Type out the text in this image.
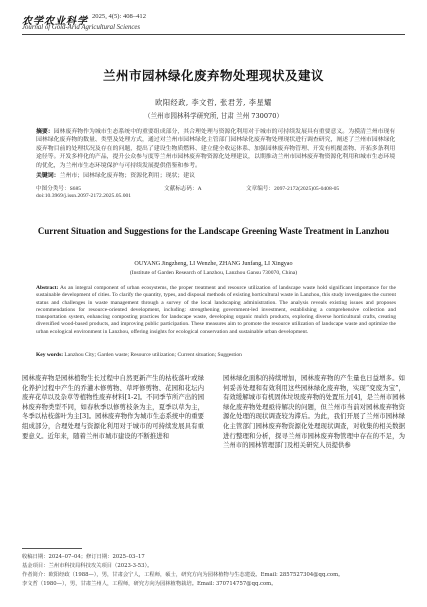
农学农业科学 2025, 4(5): 408–412
Journal of Gold-Arid Agricultural Sciences
兰州市园林绿化废弃物处理现状及建议
欧阳经政, 李文哲, 张君芳, 李星耀
（兰州市园林科学研究所, 甘肃 兰州 730070）
摘要：园林废弃物作为城市生态系统中的重要组成部分，其合理处理与资源化利用对于城市的可持续发展具有重要意义。为摸清兰州市现有园林绿化废弃物的数量、类型及处理方式，通过对兰州市园林绿化主管部门园林绿化废弃物处理现状进行调查研究，阐述了兰州市园林绿化废弃物目前的处理状况及存在的问题，提出了建设生物质燃料、建立健全收运体系、加强园林废弃物管理、开发有机覆盖物、开拓多条利用途径等。开发多样化的产品，提升公众参与度等兰州市园林废弃物资源化处理建议，以期推动兰州市园林废弃物资源化利用和城市生态环境的优化，为兰州市生态环境保护与可持续发展提供借鉴和参考。
关键词：兰州市；园林绿化废弃物；资源化利用；现状；建议
中图分类号：S685	文献标志码：A	文章编号：2097-2172(2025)05-0408-05
doi:10.3969/j.issn.2097-2172.2025.05.001
Current Situation and Suggestions for the Landscape Greening Waste Treatment in Lanzhou
OUYANG Jingzheng, LI Wenzhe, ZHANG Junfang, LI Xingyao
(Institute of Garden Research of Lanzhou, Lanzhou Gansu 730070, China)
Abstract: As an integral component of urban ecosystems, the proper treatment and resource utilization of landscape waste hold significant importance for the sustainable development of cities. To clarify the quantity, types, and disposal methods of existing horticultural waste in Lanzhou, this study investigates the current status and challenges in waste management through a survey of the local landscaping administration. The analysis reveals existing issues and proposes recommendations for resource-oriented development, including: strengthening government-led investment, establishing a comprehensive collection and transportation system, enhancing composting practices for landscape waste, developing organic mulch products, exploring diverse horticultural crafts, creating diversified wood-based products, and improving public participation. These measures aim to promote the resource utilization of landscape waste and optimize the urban ecological environment in Lanzhou, offering insights for ecological conservation and sustainable urban development.
Key words: Lanzhou City; Garden waste; Resource utilization; Current situation; Suggestion
园林废弃物是园林植物生长过程中自然更新产生的枯枝落叶或绿化养护过程中产生的乔灌木修剪物、草坪修剪物、花园和花坛内废弃花草以及杂草等植物性废弃材料[1-2]。不同季节所产出的园林废弃物类型不同，如春秋季以修剪枝条为主，夏季以草为主，冬季以枯枝落叶为主[3]。园林废弃物作为城市生态系统中的重要组成部分，合理处理与资源化利用对于城市的可持续发展具有重要意义。近年来，随着兰州市城市建设的不断推进和
园林绿化面积的持续增加，园林废弃物的产生量也日益增多。如何妥善处理和有效利用这些园林绿化废弃物，实现“变废为宝”，有效缓解城市有机固体垃圾废弃物的处置压力[4]，是兰州市园林绿化废弃物处理亟待解决的问题，但兰州市当前对园林废弃物资源化处理的现状调查较为滞后。为此，我们开展了兰州市园林绿化主管部门园林废弃物资源化处理现状调查，对收集的相关数据进行整理和分析，探寻兰州市园林废弃物管理中存在的不足，为兰州市的园林管理部门及相关研究人员提供参
收稿日期：2024–07–04；修订日期：2025–03–17
基金项目：兰州市科技局科技攻关项目（2023-3-53）。
作者简介：欧阳经政（1988—），男，甘肃会宁人，工程师，硕士，研究方向为园林植物与生态建设。Email: 2857527304@qq.com。
李文哲（1980—），男，甘肃兰州人，工程师，研究方向为园林植物栽培。Email: 370714757@qq.com。
